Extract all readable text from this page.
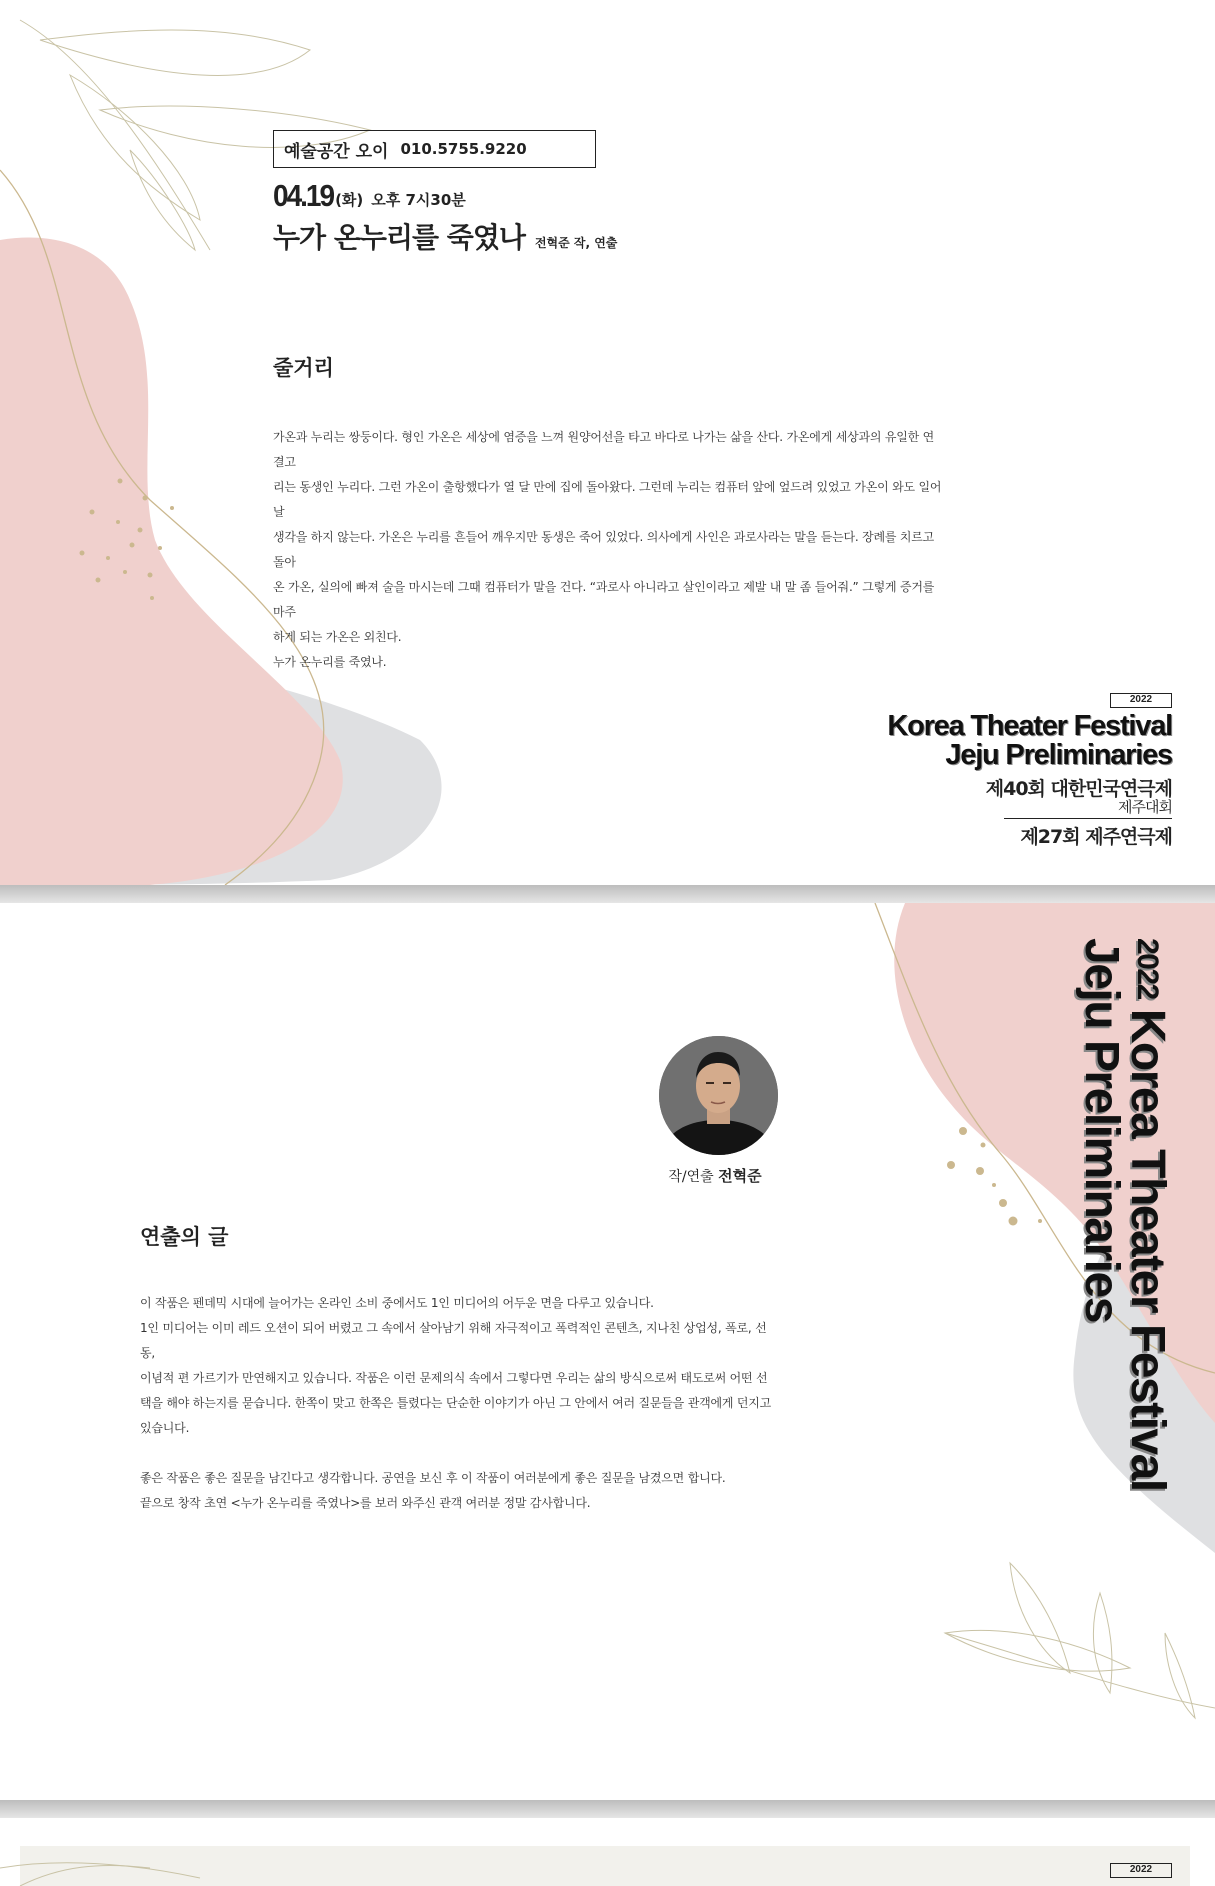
예술공간 오이 010.5755.9220
04.19 (화) 오후 7시30분
누가 온누리를 죽였나 전혁준 작, 연출
줄거리

가온과 누리는 쌍둥이다. 형인 가온은 세상에 염증을 느껴 원양어선을 타고 바다로 나가는 삶을 산다. 가온에게 세상과의 유일한 연결고

리는 동생인 누리다. 그런 가온이 출항했다가 열 달 만에 집에 돌아왔다. 그런데 누리는 컴퓨터 앞에 엎드려 있었고 가온이 와도 일어날

생각을 하지 않는다. 가온은 누리를 흔들어 깨우지만 동생은 죽어 있었다. 의사에게 사인은 과로사라는 말을 듣는다. 장례를 치르고 돌아

온 가온, 실의에 빠져 술을 마시는데 그때 컴퓨터가 말을 건다. “과로사 아니라고 살인이라고 제발 내 말 좀 들어줘.” 그렇게 증거를 마주

하게 되는 가온은 외친다.

누가 온누리를 죽였나.

2022
Korea Theater Festival
Jeju Preliminaries
제40회 대한민국연극제
제주대회
제27회 제주연극제
$^{2022}$Korea Theater Festival
Jeju Preliminaries
작/연출 전혁준
연출의 글

이 작품은 펜데믹 시대에 늘어가는 온라인 소비 중에서도 1인 미디어의 어두운 면을 다루고 있습니다.

1인 미디어는 이미 레드 오션이 되어 버렸고 그 속에서 살아남기 위해 자극적이고 폭력적인 콘텐츠, 지나친 상업성, 폭로, 선동,

이념적 편 가르기가 만연해지고 있습니다. 작품은 이런 문제의식 속에서 그렇다면 우리는 삶의 방식으로써 태도로써 어떤 선

택을 해야 하는지를 묻습니다. 한쪽이 맞고 한쪽은 틀렸다는 단순한 이야기가 아닌 그 안에서 여러 질문들을 관객에게 던지고

있습니다.

좋은 작품은 좋은 질문을 남긴다고 생각합니다. 공연을 보신 후 이 작품이 여러분에게 좋은 질문을 남겼으면 합니다.

끝으로 창작 초연 <누가 온누리를 죽였나>를 보러 와주신 관객 여러분 정말 감사합니다.

2022
